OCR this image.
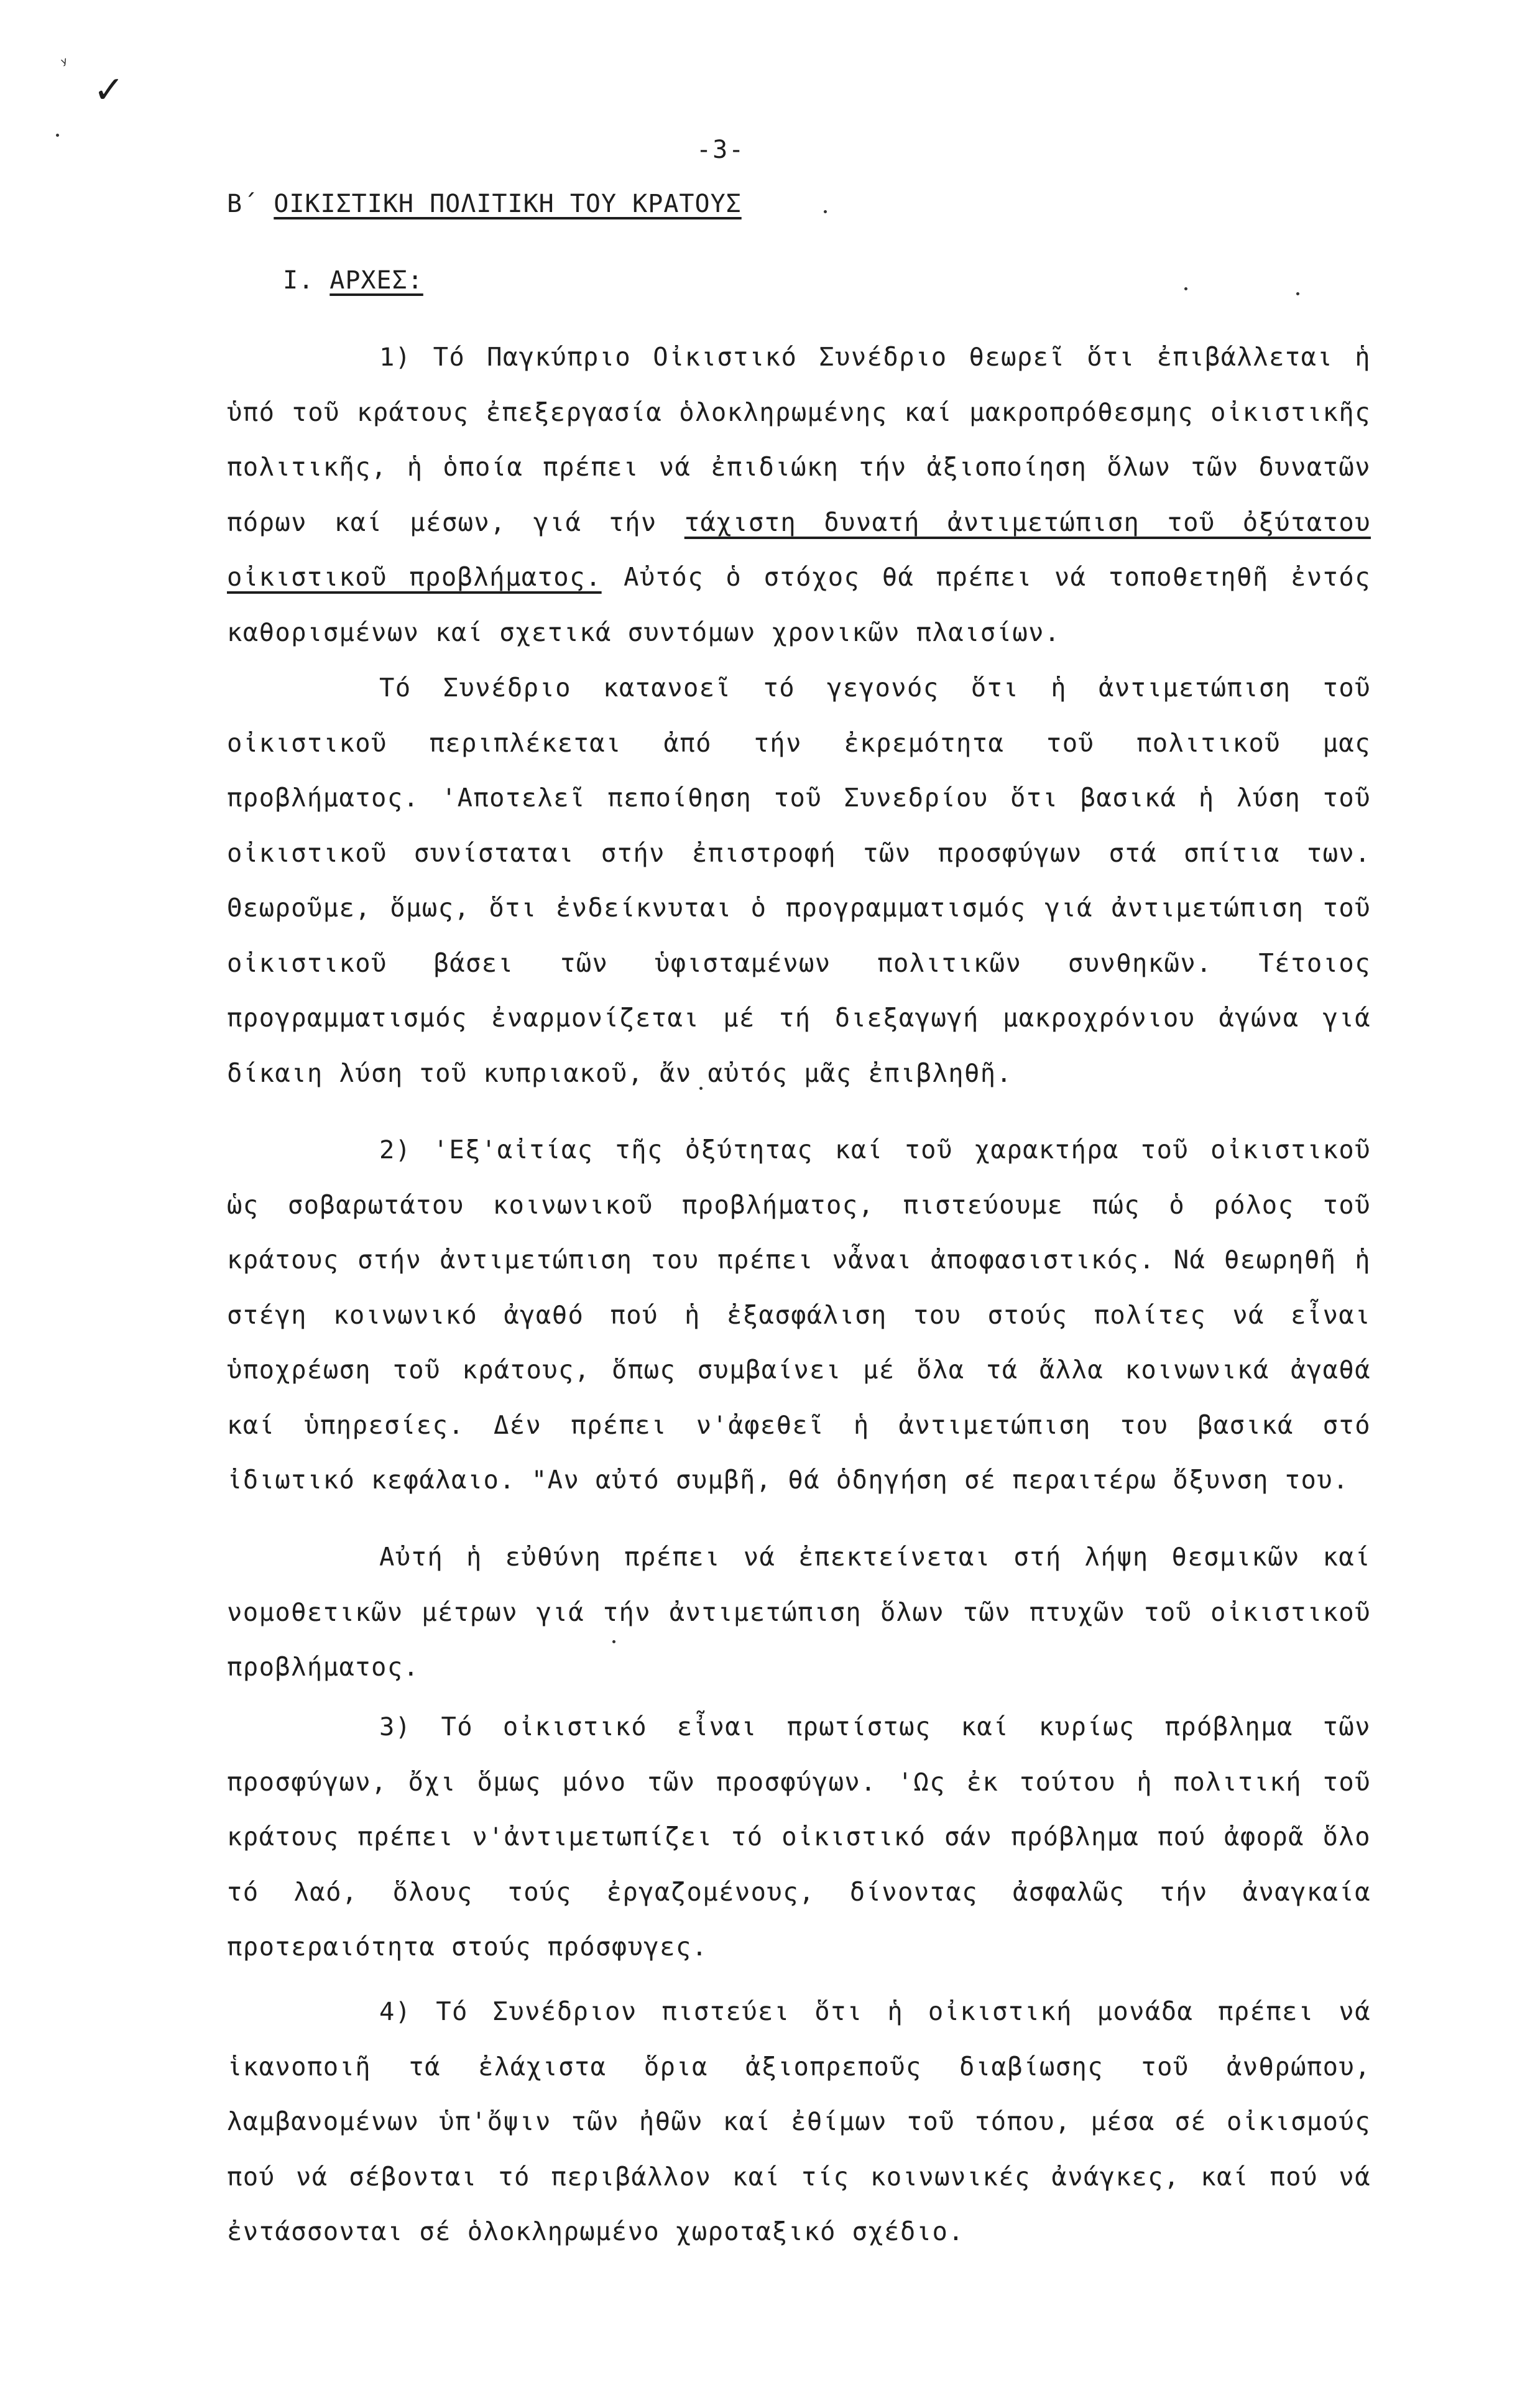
ʸ
✓
-3-
Β΄ ΟΙΚΙΣΤΙΚΗ ΠΟΛΙΤΙΚΗ ΤΟΥ ΚΡΑΤΟΥΣ
Ι. ΑΡΧΕΣ:

1) Τό Παγκύπριο Οἰκιστικό Συνέδριο θεωρεῖ ὅτι ἐπιβάλλεται ἡ ὑπό τοῦ κράτους ἐπεξεργασία ὁλοκληρωμένης καί μακροπρόθεσμης οἰκιστικῆς πολιτικῆς, ἡ ὁποία πρέπει νά ἐπιδιώκη τήν ἀξιοποίηση ὅλων τῶν δυνατῶν πόρων καί μέσων, γιά τήν τάχιστη δυνατή ἀντιμετώπιση τοῦ ὀξύτατου οἰκιστικοῦ προβλήματος. Αὐτός ὁ στόχος θά πρέπει νά τοποθετηθῆ ἐντός καθορισμένων καί σχετικά συντόμων χρονικῶν πλαισίων.

Τό Συνέδριο κατανοεῖ τό γεγονός ὅτι ἡ ἀντιμετώπιση τοῦ οἰκιστικοῦ περιπλέκεται ἀπό τήν ἐκρεμότητα τοῦ πολιτικοῦ μας προβλήματος. 'Αποτελεῖ πεποίθηση τοῦ Συνεδρίου ὅτι βασικά ἡ λύση τοῦ οἰκιστικοῦ συνίσταται στήν ἐπιστροφή τῶν προσφύγων στά σπίτια των. Θεωροῦμε, ὅμως, ὅτι ἐνδείκνυται ὁ προγραμματισμός γιά ἀντιμετώπιση τοῦ οἰκιστικοῦ βάσει τῶν ὑφισταμένων πολιτικῶν συνθηκῶν. Τέτοιος προγραμματισμός ἐναρμονίζεται μέ τή διεξαγωγή μακροχρόνιου ἀγώνα γιά δίκαιη λύση τοῦ κυπριακοῦ, ἄν αὐτός μᾶς ἐπιβληθῆ.

2) 'Εξ'αἰτίας τῆς ὀξύτητας καί τοῦ χαρακτήρα τοῦ οἰκιστικοῦ ὡς σοβαρωτάτου κοινωνικοῦ προβλήματος, πιστεύουμε πώς ὁ ρόλος τοῦ κράτους στήν ἀντιμετώπιση του πρέπει νἆναι ἀποφασιστικός. Νά θεωρηθῆ ἡ στέγη κοινωνικό ἀγαθό πού ἡ ἐξασφάλιση του στούς πολίτες νά εἶναι ὑποχρέωση τοῦ κράτους, ὅπως συμβαίνει μέ ὅλα τά ἄλλα κοινωνικά ἀγαθά καί ὑπηρεσίες. Δέν πρέπει ν'ἀφεθεῖ ἡ ἀντιμετώπιση του βασικά στό ἰδιωτικό κεφάλαιο. "Αν αὐτό συμβῆ, θά ὁδηγήση σέ περαιτέρω ὄξυνση του.

Αὐτή ἡ εὐθύνη πρέπει νά ἐπεκτείνεται στή λήψη θεσμικῶν καί νομοθετικῶν μέτρων γιά τήν ἀντιμετώπιση ὅλων τῶν πτυχῶν τοῦ οἰκιστικοῦ προβλήματος.

3) Τό οἰκιστικό εἶναι πρωτίστως καί κυρίως πρόβλημα τῶν προσφύγων, ὄχι ὅμως μόνο τῶν προσφύγων. 'Ως ἐκ τούτου ἡ πολιτική τοῦ κράτους πρέπει ν'ἀντιμετωπίζει τό οἰκιστικό σάν πρόβλημα πού ἀφορᾶ ὅλο τό λαό, ὅλους τούς ἐργαζομένους, δίνοντας ἀσφαλῶς τήν ἀναγκαία προτεραιότητα στούς πρόσφυγες.

4) Τό Συνέδριον πιστεύει ὅτι ἡ οἰκιστική μονάδα πρέπει νά ἱκανοποιῆ τά ἐλάχιστα ὅρια ἀξιοπρεποῦς διαβίωσης τοῦ ἀνθρώπου, λαμβανομένων ὑπ'ὄψιν τῶν ἠθῶν καί ἐθίμων τοῦ τόπου, μέσα σέ οἰκισμούς πού νά σέβονται τό περιβάλλον καί τίς κοινωνικές ἀνάγκες, καί πού νά ἐντάσσονται σέ ὁλοκληρωμένο χωροταξικό σχέδιο.
